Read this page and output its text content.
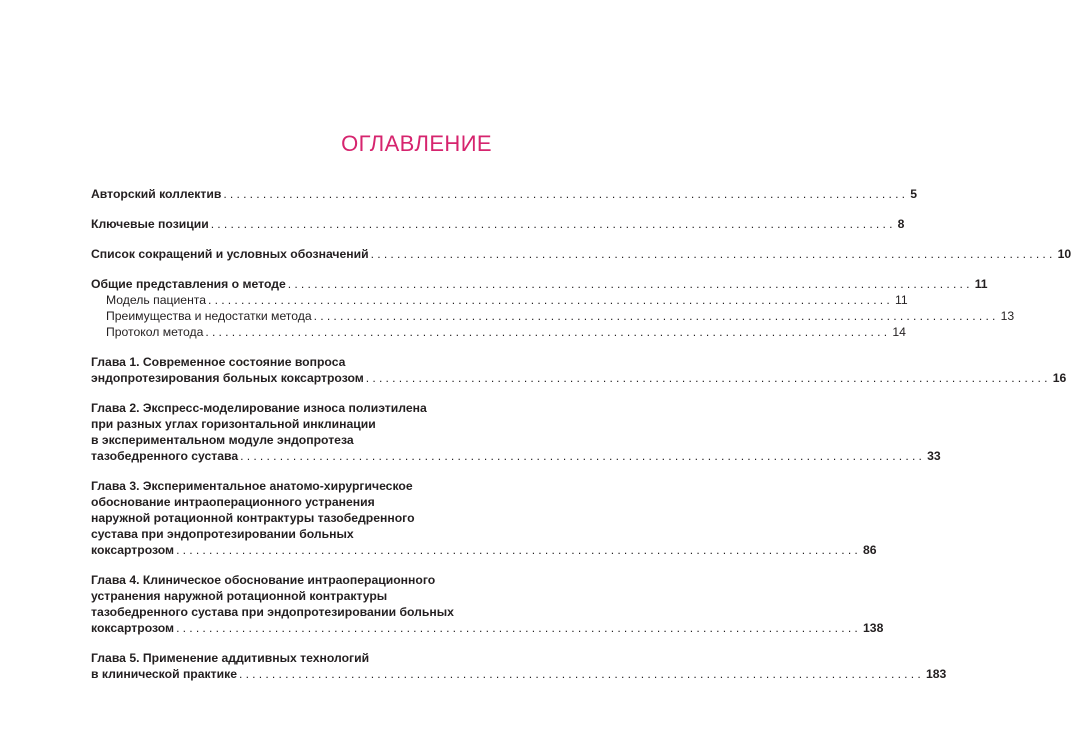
ОГЛАВЛЕНИЕ
Авторский коллектив ........................................................................................................ 5
Ключевые позиции ........................................................................................................ 8
Список сокращений и условных обозначений ........................................................................................................ 10
Общие представления о методе ........................................................................................................ 11
Модель пациента ........................................................................................................ 11
Преимущества и недостатки метода ........................................................................................................ 13
Протокол метода ........................................................................................................ 14
Глава 1. Современное состояние вопроса
эндопротезирования больных коксартрозом ........................................................................................................ 16
Глава 2. Экспресс-моделирование износа полиэтилена
при разных углах горизонтальной инклинации
в экспериментальном модуле эндопротеза
тазобедренного сустава ........................................................................................................ 33
Глава 3. Экспериментальное анатомо-хирургическое
обоснование интраоперационного устранения
наружной ротационной контрактуры тазобедренного
сустава при эндопротезировании больных
коксартрозом ........................................................................................................ 86
Глава 4. Клиническое обоснование интраоперационного
устранения наружной ротационной контрактуры
тазобедренного сустава при эндопротезировании больных
коксартрозом ........................................................................................................ 138
Глава 5. Применение аддитивных технологий
в клинической практике ........................................................................................................ 183
